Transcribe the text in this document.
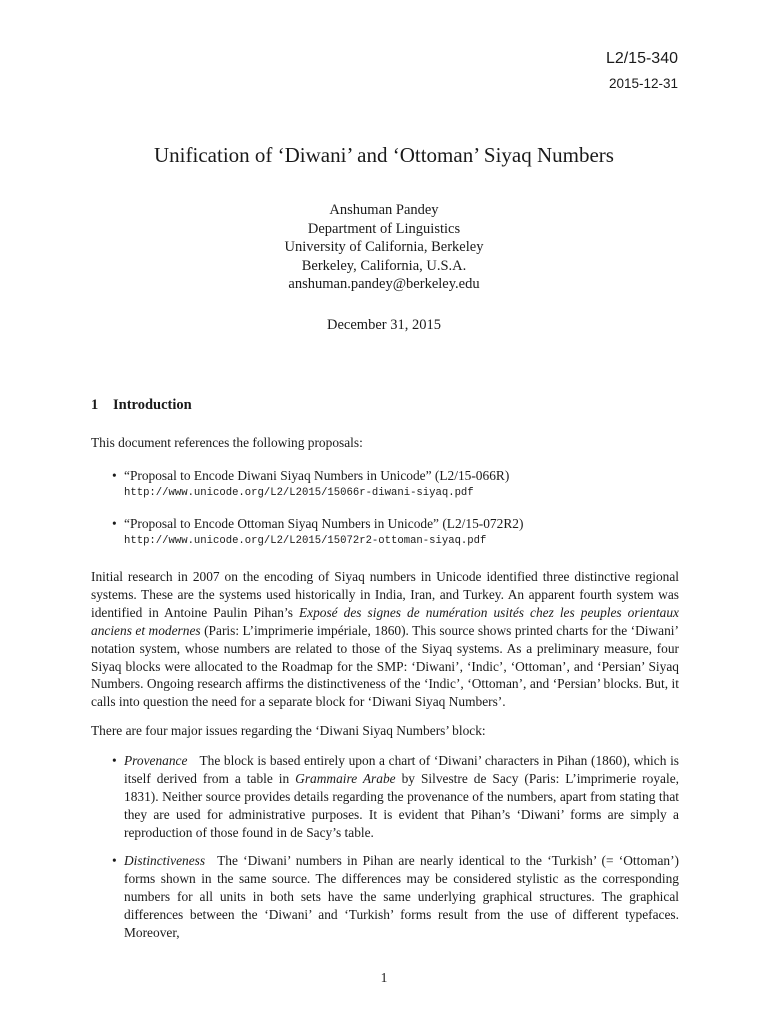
L2/15-340
2015-12-31
Unification of ‘Diwani’ and ‘Ottoman’ Siyaq Numbers
Anshuman Pandey
Department of Linguistics
University of California, Berkeley
Berkeley, California, U.S.A.
anshuman.pandey@berkeley.edu
December 31, 2015
1 Introduction
This document references the following proposals:
• “Proposal to Encode Diwani Siyaq Numbers in Unicode” (L2/15-066R)
http://www.unicode.org/L2/L2015/15066r-diwani-siyaq.pdf
• “Proposal to Encode Ottoman Siyaq Numbers in Unicode” (L2/15-072R2)
http://www.unicode.org/L2/L2015/15072r2-ottoman-siyaq.pdf
Initial research in 2007 on the encoding of Siyaq numbers in Unicode identified three distinctive regional systems. These are the systems used historically in India, Iran, and Turkey. An apparent fourth system was identified in Antoine Paulin Pihan’s Exposé des signes de numération usités chez les peuples orientaux anciens et modernes (Paris: L’imprimerie impériale, 1860). This source shows printed charts for the ‘Diwani’ notation system, whose numbers are related to those of the Siyaq systems. As a preliminary measure, four Siyaq blocks were allocated to the Roadmap for the SMP: ‘Diwani’, ‘Indic’, ‘Ottoman’, and ‘Persian’ Siyaq Numbers. Ongoing research affirms the distinctiveness of the ‘Indic’, ‘Ottoman’, and ‘Persian’ blocks. But, it calls into question the need for a separate block for ‘Diwani Siyaq Numbers’.
There are four major issues regarding the ‘Diwani Siyaq Numbers’ block:
• Provenance The block is based entirely upon a chart of ‘Diwani’ characters in Pihan (1860), which is itself derived from a table in Grammaire Arabe by Silvestre de Sacy (Paris: L’imprimerie royale, 1831). Neither source provides details regarding the provenance of the numbers, apart from stating that they are used for administrative purposes. It is evident that Pihan’s ‘Diwani’ forms are simply a reproduction of those found in de Sacy’s table.
• Distinctiveness The ‘Diwani’ numbers in Pihan are nearly identical to the ‘Turkish’ (= ‘Ottoman’) forms shown in the same source. The differences may be considered stylistic as the corresponding numbers for all units in both sets have the same underlying graphical structures. The graphical differences between the ‘Diwani’ and ‘Turkish’ forms result from the use of different typefaces. Moreover,
1
